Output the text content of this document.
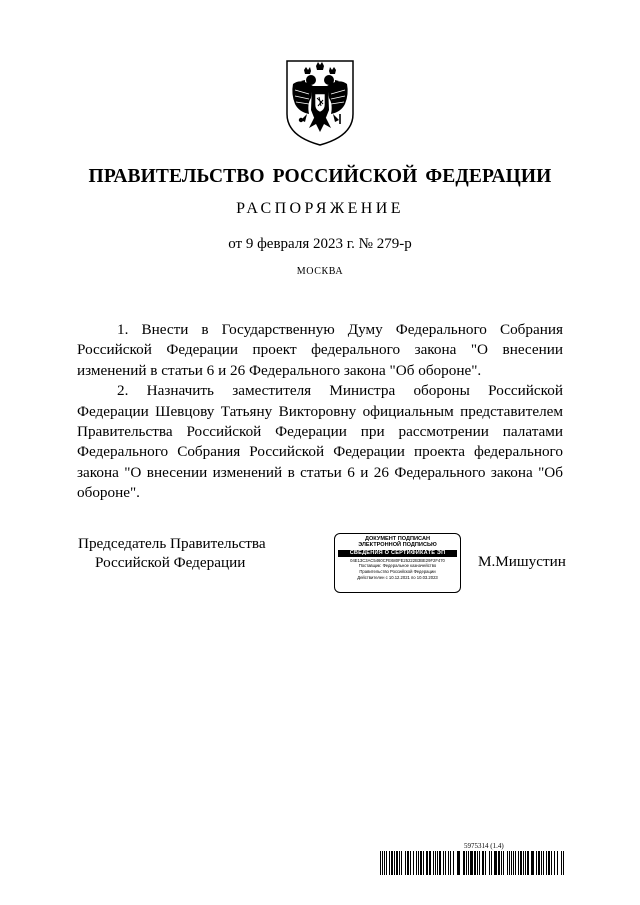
ПРАВИТЕЛЬСТВО РОССИЙСКОЙ ФЕДЕРАЦИИ
РАСПОРЯЖЕНИЕ
от 9 февраля 2023 г. № 279-р
МОСКВА

1. Внести в Государственную Думу Федерального Собрания Российской Федерации проект федерального закона "О внесении изменений в статьи 6 и 26 Федерального закона "Об обороне".

2. Назначить заместителя Министра обороны Российской Федерации Шевцову Татьяну Викторовну официальным представителем Правительства Российской Федерации при рассмотрении палатами Федерального Собрания Российской Федерации проекта федерального закона "О внесении изменений в статьи 6 и 26 Федерального закона "Об обороне".

Председатель Правительства
Российской Федерации
ДОКУМЕНТ ПОДПИСАН
ЭЛЕКТРОННОЙ ПОДПИСЬЮ
СВЕДЕНИЯ О СЕРТИФИКАТЕ ЭП
04E13C3AC5460CFE680FE25222B3BE29F2F470
Поставщик: Федеральное казначейство
Правительство Российской Федерации
Действителен с 10.12.2021 по 10.03.2023
М.Мишустин
5975314 (1.4)
